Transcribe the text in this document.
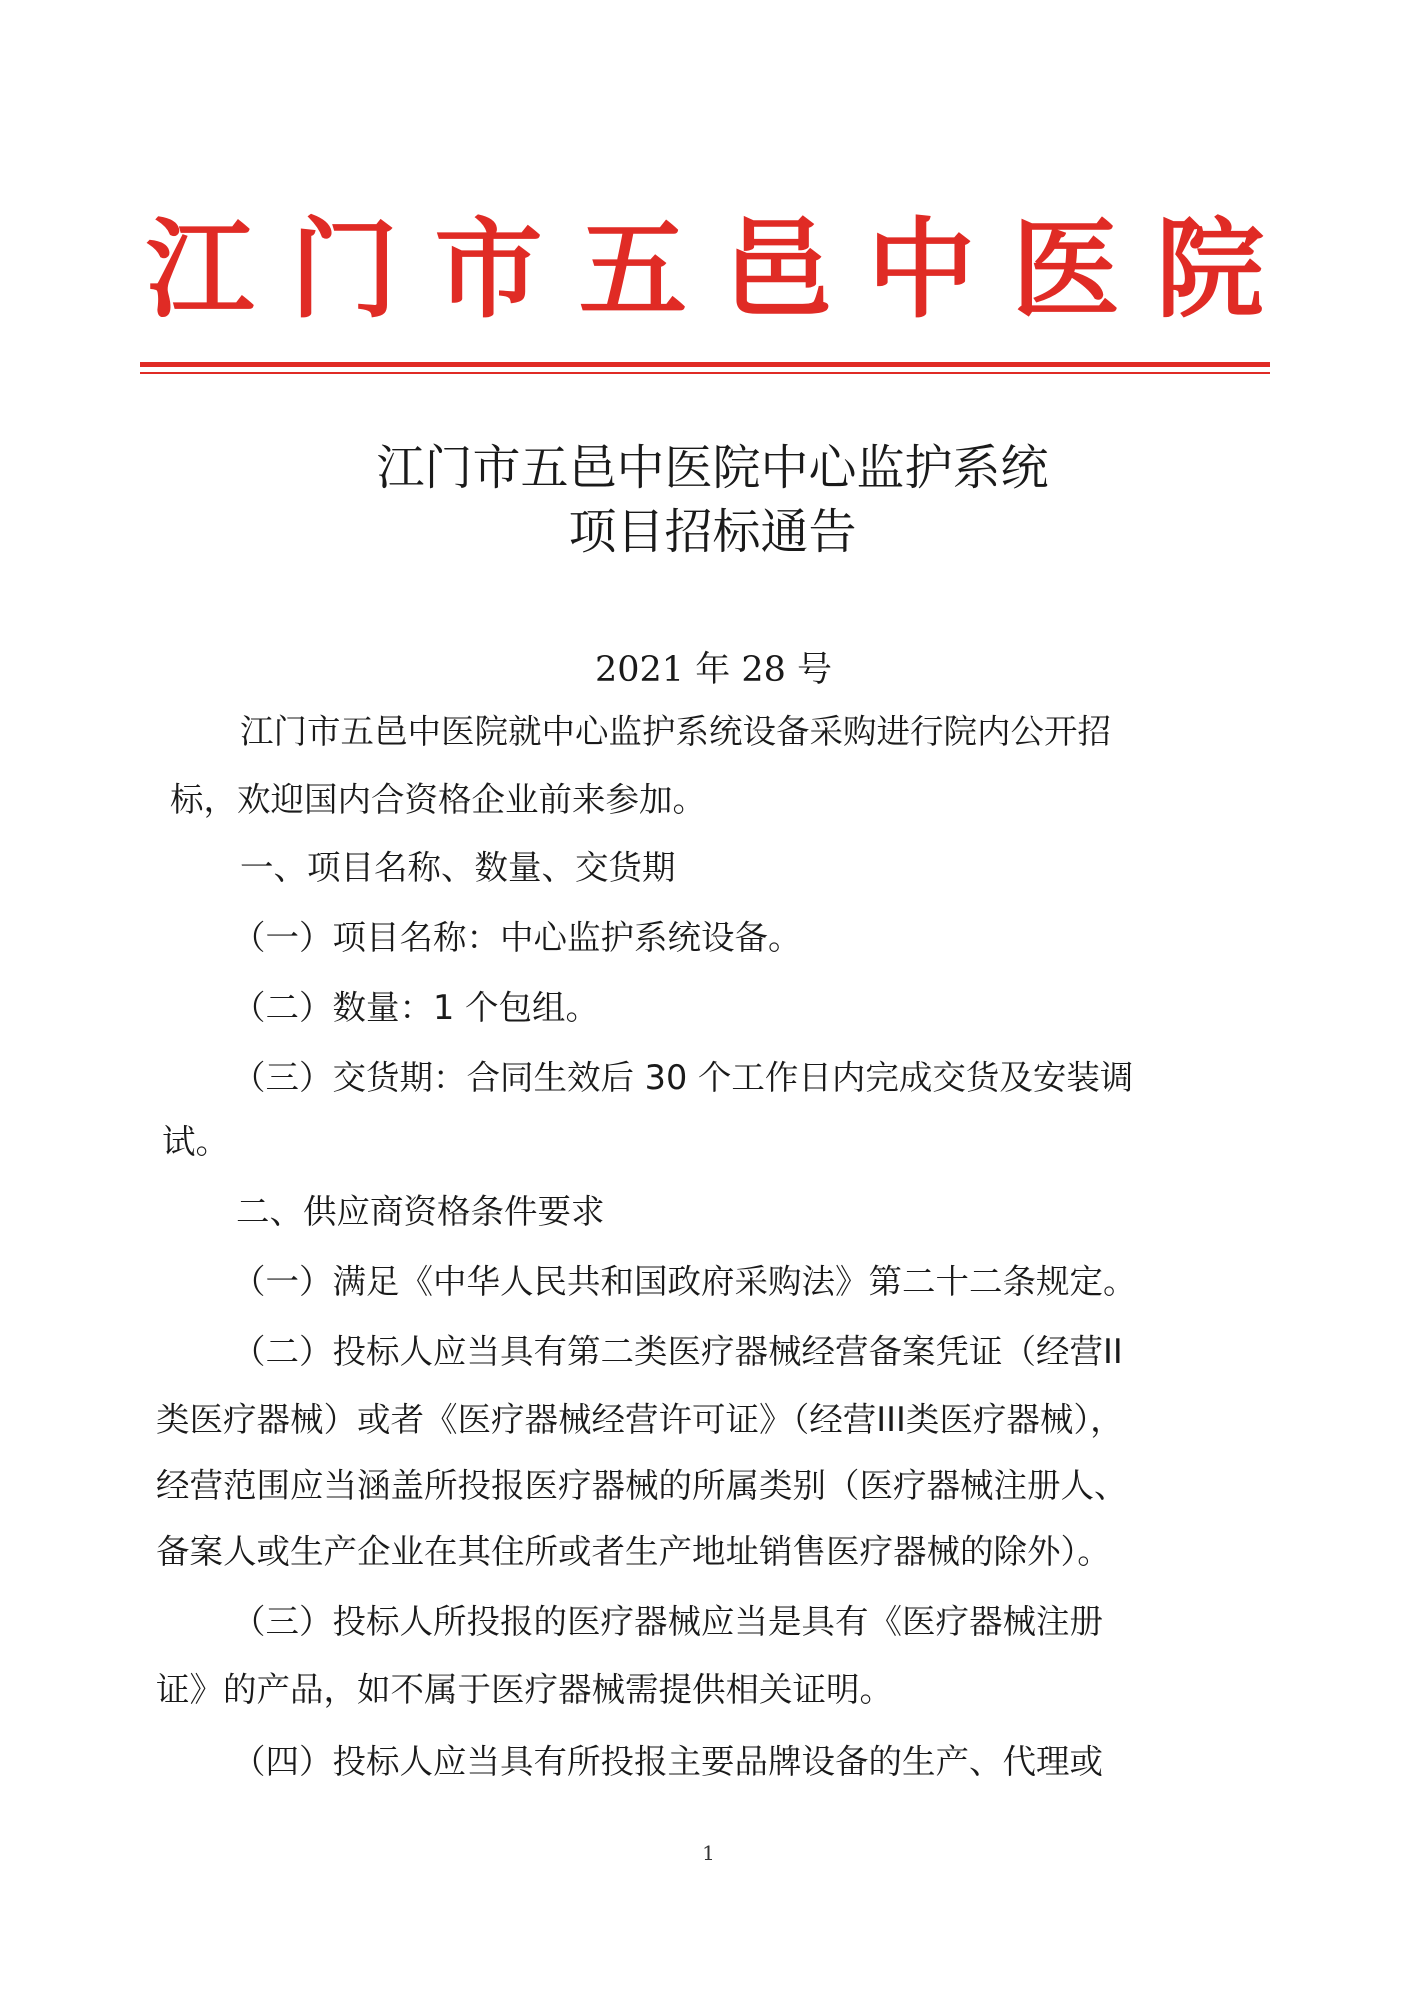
江 门 市 五 邑 中 医 院
江门市五邑中医院中心监护系统
项目招标通告
2021 年 28 号
江门市五邑中医院就中心监护系统设备采购进行院内公开招
标，欢迎国内合资格企业前来参加。
一、项目名称、数量、交货期
（一）项目名称：中心监护系统设备。
（二）数量：1 个包组。
（三）交货期：合同生效后 30 个工作日内完成交货及安装调
试。
二、供应商资格条件要求
（一）满足《中华人民共和国政府采购法》第二十二条规定。
（二）投标人应当具有第二类医疗器械经营备案凭证（经营II
类医疗器械）或者《医疗器械经营许可证》（经营III类医疗器械），
经营范围应当涵盖所投报医疗器械的所属类别（医疗器械注册人、
备案人或生产企业在其住所或者生产地址销售医疗器械的除外）。
（三）投标人所投报的医疗器械应当是具有《医疗器械注册
证》的产品，如不属于医疗器械需提供相关证明。
（四）投标人应当具有所投报主要品牌设备的生产、代理或
1
